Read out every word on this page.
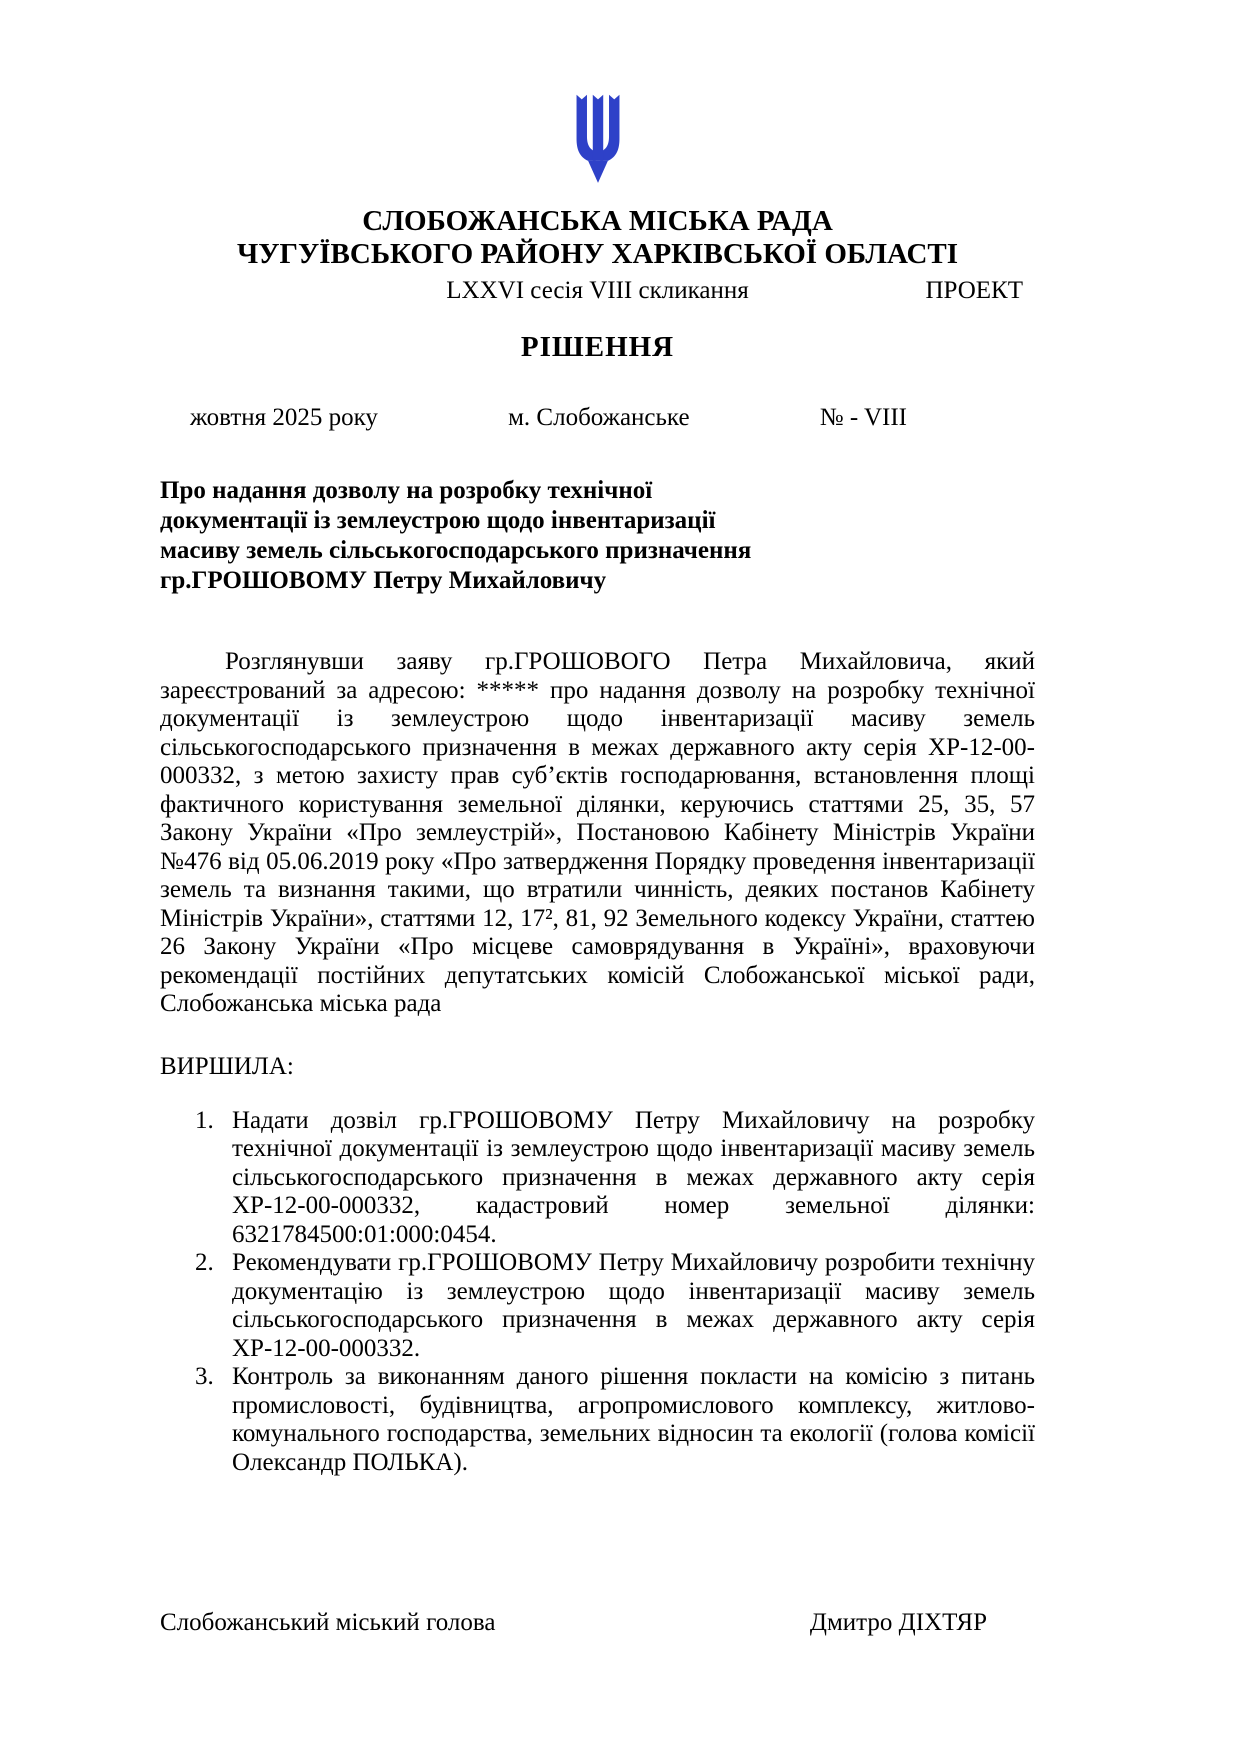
СЛОБОЖАНСЬКА МІСЬКА РАДА
ЧУГУЇВСЬКОГО РАЙОНУ ХАРКІВСЬКОЇ ОБЛАСТІ
LXXVI сесія VIII скликання	ПРОЕКТ
РІШЕННЯ
жовтня 2025 року	м. Слобожанське	№ - VIII
Про надання дозволу на розробку технічної
документації із землеустрою щодо інвентаризації
масиву земель сільськогосподарського призначення
гр.ГРОШОВОМУ Петру Михайловичу

Розглянувши заяву гр.ГРОШОВОГО Петра Михайловича, який зареєстрований за адресою: ***** про надання дозволу на розробку технічної документації із землеустрою щодо інвентаризації масиву земель сільськогосподарського призначення в межах державного акту серія ХР-12-00-000332, з метою захисту прав суб’єктів господарювання, встановлення площі фактичного користування земельної ділянки, керуючись статтями 25, 35, 57 Закону України «Про землеустрій», Постановою Кабінету Міністрів України №476 від 05.06.2019 року «Про затвердження Порядку проведення інвентаризації земель та визнання такими, що втратили чинність, деяких постанов Кабінету Міністрів України», статтями 12, 17², 81, 92 Земельного кодексу України, статтею 26 Закону України «Про місцеве самоврядування в Україні», враховуючи рекомендації постійних депутатських комісій Слобожанської міської ради, Слобожанська міська рада

ВИРШИЛА:
1. Надати дозвіл гр.ГРОШОВОМУ Петру Михайловичу на розробку технічної документації із землеустрою щодо інвентаризації масиву земель сільськогосподарського призначення в межах державного акту серія ХР-12-00-000332, кадастровий номер земельної ділянки: 6321784500:01:000:0454.
2. Рекомендувати гр.ГРОШОВОМУ Петру Михайловичу розробити технічну документацію із землеустрою щодо інвентаризації масиву земель сільськогосподарського призначення в межах державного акту серія ХР-12-00-000332.
3. Контроль за виконанням даного рішення покласти на комісію з питань промисловості, будівництва, агропромислового комплексу, житлово-комунального господарства, земельних відносин та екології (голова комісії Олександр ПОЛЬКА).
Слобожанський міський голова	Дмитро ДІХТЯР
